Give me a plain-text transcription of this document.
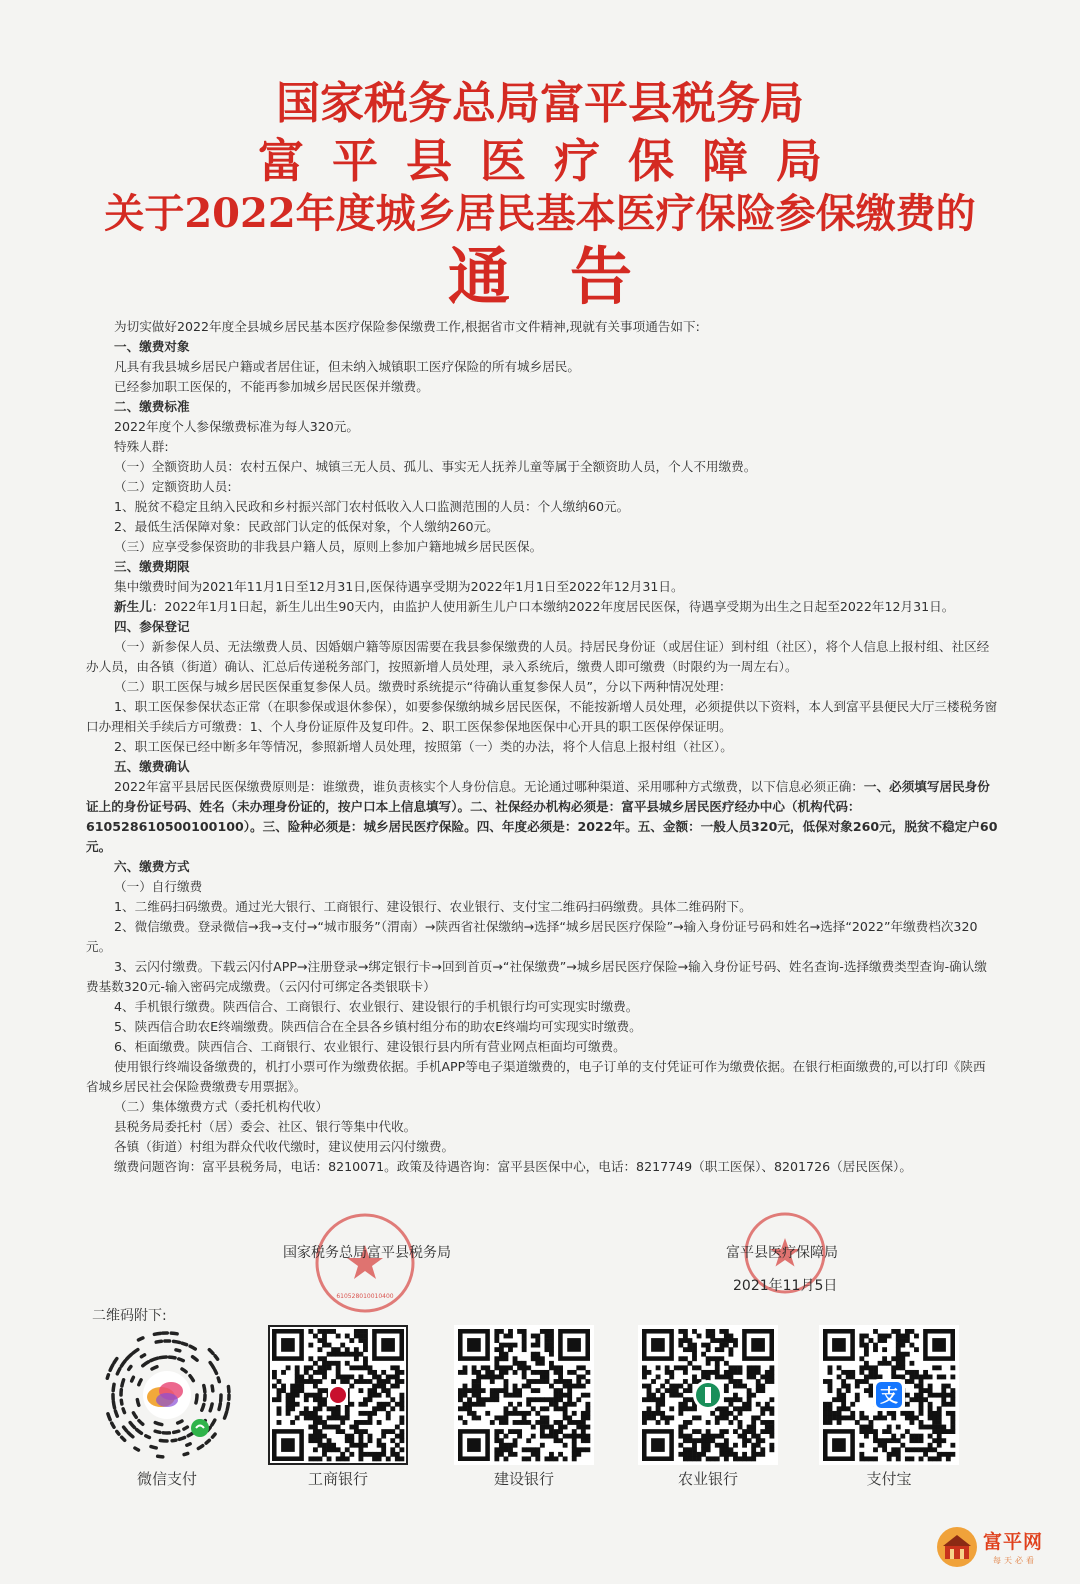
国家税务总局富平县税务局
富平县医疗保障局
关于2022年度城乡居民基本医疗保险参保缴费的
通告

为切实做好2022年度全县城乡居民基本医疗保险参保缴费工作,根据省市文件精神,现就有关事项通告如下:

一、缴费对象

凡具有我县城乡居民户籍或者居住证，但未纳入城镇职工医疗保险的所有城乡居民。

已经参加职工医保的，不能再参加城乡居民医保并缴费。

二、缴费标准

2022年度个人参保缴费标准为每人320元。

特殊人群:

（一）全额资助人员：农村五保户、城镇三无人员、孤儿、事实无人抚养儿童等属于全额资助人员，个人不用缴费。

（二）定额资助人员:

1、脱贫不稳定且纳入民政和乡村振兴部门农村低收入人口监测范围的人员：个人缴纳60元。

2、最低生活保障对象：民政部门认定的低保对象，个人缴纳260元。

（三）应享受参保资助的非我县户籍人员，原则上参加户籍地城乡居民医保。

三、缴费期限

集中缴费时间为2021年11月1日至12月31日,医保待遇享受期为2022年1月1日至2022年12月31日。

新生儿：2022年1月1日起，新生儿出生90天内，由监护人使用新生儿户口本缴纳2022年度居民医保，待遇享受期为出生之日起至2022年12月31日。

四、参保登记

（一）新参保人员、无法缴费人员、因婚姻户籍等原因需要在我县参保缴费的人员。持居民身份证（或居住证）到村组（社区），将个人信息上报村组、社区经办人员，由各镇（街道）确认、汇总后传递税务部门，按照新增人员处理，录入系统后，缴费人即可缴费（时限约为一周左右）。

（二）职工医保与城乡居民医保重复参保人员。缴费时系统提示“待确认重复参保人员”，分以下两种情况处理：

1、职工医保参保状态正常（在职参保或退休参保），如要参保缴纳城乡居民医保，不能按新增人员处理，必须提供以下资料，本人到富平县便民大厅三楼税务窗口办理相关手续后方可缴费：1、个人身份证原件及复印件。2、职工医保参保地医保中心开具的职工医保停保证明。

2、职工医保已经中断多年等情况，参照新增人员处理，按照第（一）类的办法，将个人信息上报村组（社区）。

五、缴费确认

2022年富平县居民医保缴费原则是：谁缴费，谁负责核实个人身份信息。无论通过哪种渠道、采用哪种方式缴费，以下信息必须正确：一、必须填写居民身份证上的身份证号码、姓名（未办理身份证的，按户口本上信息填写）。二、社保经办机构必须是：富平县城乡居民医疗经办中心（机构代码：610528610500100100）。三、险种必须是：城乡居民医疗保险。四、年度必须是：2022年。五、金额：一般人员320元，低保对象260元，脱贫不稳定户60元。

六、缴费方式

（一）自行缴费

1、二维码扫码缴费。通过光大银行、工商银行、建设银行、农业银行、支付宝二维码扫码缴费。具体二维码附下。

2、微信缴费。登录微信→我→支付→“城市服务”（渭南）→陕西省社保缴纳→选择“城乡居民医疗保险”→输入身份证号码和姓名→选择“2022”年缴费档次320元。

3、云闪付缴费。下载云闪付APP→注册登录→绑定银行卡→回到首页→“社保缴费”→城乡居民医疗保险→输入身份证号码、姓名查询-选择缴费类型查询-确认缴费基数320元-输入密码完成缴费。（云闪付可绑定各类银联卡）

4、手机银行缴费。陕西信合、工商银行、农业银行、建设银行的手机银行均可实现实时缴费。

5、陕西信合助农E终端缴费。陕西信合在全县各乡镇村组分布的助农E终端均可实现实时缴费。

6、柜面缴费。陕西信合、工商银行、农业银行、建设银行县内所有营业网点柜面均可缴费。

使用银行终端设备缴费的，机打小票可作为缴费依据。手机APP等电子渠道缴费的，电子订单的支付凭证可作为缴费依据。在银行柜面缴费的,可以打印《陕西省城乡居民社会保险费缴费专用票据》。

（二）集体缴费方式（委托机构代收）

县税务局委托村（居）委会、社区、银行等集中代收。

各镇（街道）村组为群众代收代缴时，建议使用云闪付缴费。

缴费问题咨询：富平县税务局，电话：8210071。政策及待遇咨询：富平县医保中心，电话：8217749（职工医保）、8201726（居民医保）。

610528010010400
国家税务总局富平县税务局	富平县医疗保障局
2021年11月5日
二维码附下:
支
微信支付	工商银行	建设银行	农业银行	支付宝
富平网
每天必看
